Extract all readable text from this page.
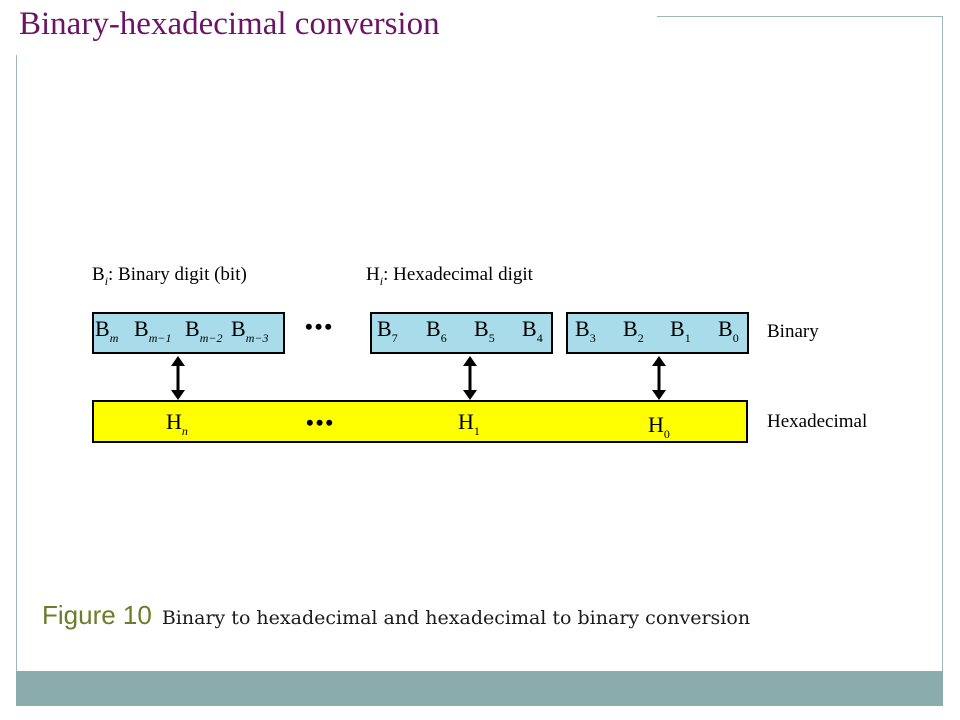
Binary-hexadecimal conversion
$B_i$: Binary digit (bit)	$H_i$: Hexadecimal digit
$B_m$ $B_{m-1}$ $B_{m-2}$ $B_{m-3}$	$B_7$ $B_6$ $B_5$ $B_4$ $B_3$ $B_2$ $B_1$ $B_0$
•••	Binary
Hexadecimal
$H_n$	•••	$H_1$	$H_0$
Figure 10 Binary to hexadecimal and hexadecimal to binary conversion
